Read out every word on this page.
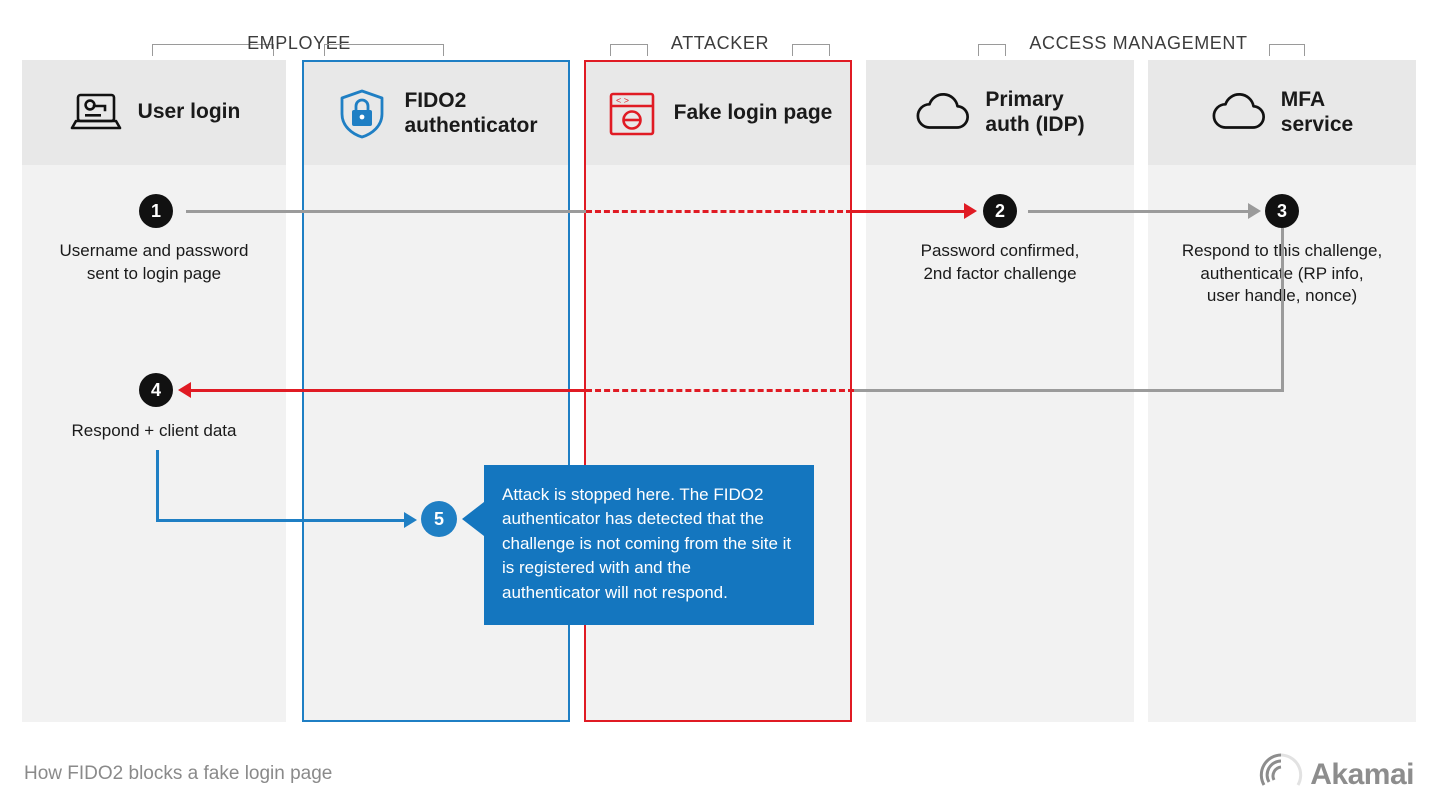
EMPLOYEE	ATTACKER	ACCESS MANAGEMENT
User login	FIDO2
authenticator
< >
Fake login page
Primary
auth (IDP)
MFA
service
1
Username and password
sent to login page
2
Password confirmed,
2nd factor challenge
3
Respond to this challenge,
authenticate (RP info,
user handle, nonce)
4
Respond + client data
5
Attack is stopped here. The FIDO2 authenticator has detected that the challenge is not coming from the site it is registered with and the authenticator will not respond.
How FIDO2 blocks a fake login page	Akamai
